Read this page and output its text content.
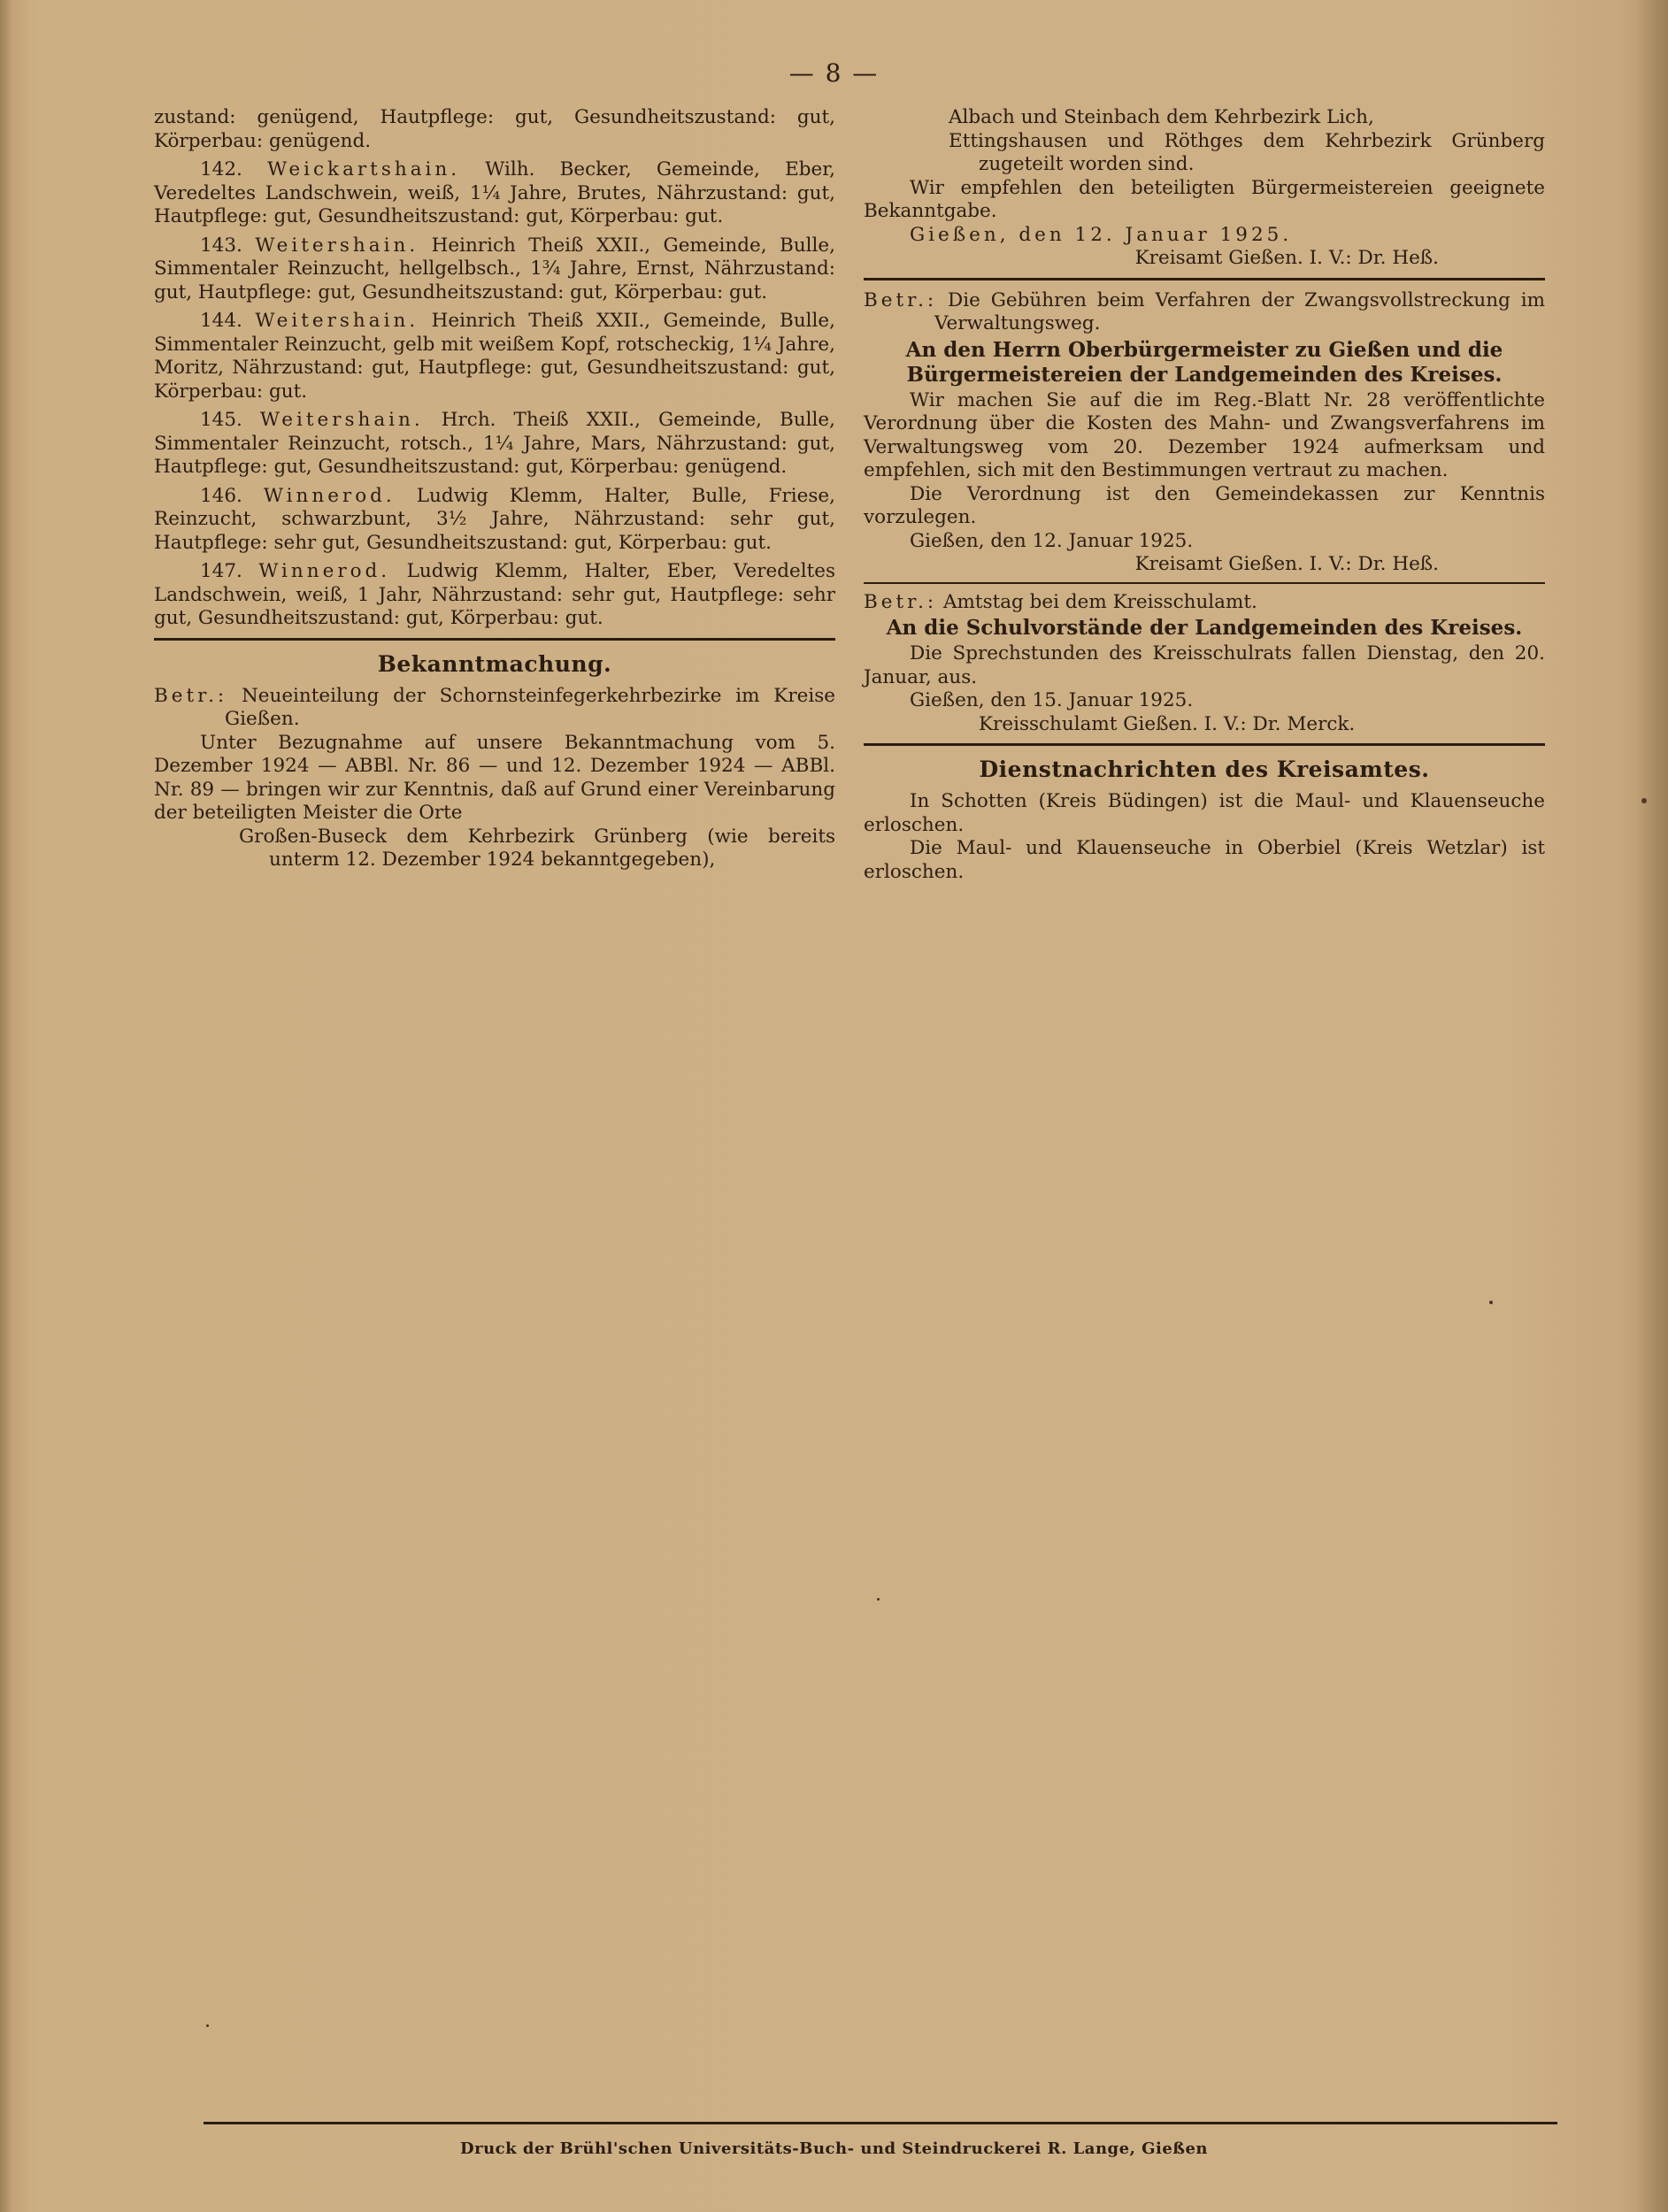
— 8 —

zustand: genügend, Hautpflege: gut, Gesundheitszustand: gut, Körperbau: genügend.

142. Weickartshain. Wilh. Becker, Gemeinde, Eber, Veredeltes Landschwein, weiß, 1¼ Jahre, Brutes, Nährzustand: gut, Hautpflege: gut, Gesundheitszustand: gut, Körperbau: gut.

143. Weitershain. Heinrich Theiß XXII., Gemeinde, Bulle, Simmentaler Reinzucht, hellgelbsch., 1¾ Jahre, Ernst, Nährzustand: gut, Hautpflege: gut, Gesundheitszustand: gut, Körperbau: gut.

144. Weitershain. Heinrich Theiß XXII., Gemeinde, Bulle, Simmentaler Reinzucht, gelb mit weißem Kopf, rotscheckig, 1¼ Jahre, Moritz, Nährzustand: gut, Hautpflege: gut, Gesundheitszustand: gut, Körperbau: gut.

145. Weitershain. Hrch. Theiß XXII., Gemeinde, Bulle, Simmentaler Reinzucht, rotsch., 1¼ Jahre, Mars, Nährzustand: gut, Hautpflege: gut, Gesundheitszustand: gut, Körperbau: genügend.

146. Winnerod. Ludwig Klemm, Halter, Bulle, Friese, Reinzucht, schwarzbunt, 3½ Jahre, Nährzustand: sehr gut, Hautpflege: sehr gut, Gesundheitszustand: gut, Körperbau: gut.

147. Winnerod. Ludwig Klemm, Halter, Eber, Veredeltes Landschwein, weiß, 1 Jahr, Nährzustand: sehr gut, Hautpflege: sehr gut, Gesundheitszustand: gut, Körperbau: gut.

Bekanntmachung.

Betr.: Neueinteilung der Schornsteinfegerkehrbezirke im Kreise Gießen.

Unter Bezugnahme auf unsere Bekanntmachung vom 5. Dezember 1924 — ABBl. Nr. 86 — und 12. Dezember 1924 — ABBl. Nr. 89 — bringen wir zur Kenntnis, daß auf Grund einer Vereinbarung der beteiligten Meister die Orte

Großen-Buseck dem Kehrbezirk Grünberg (wie bereits unterm 12. Dezember 1924 bekanntgegeben),

Albach und Steinbach dem Kehrbezirk Lich,

Ettingshausen und Röthges dem Kehrbezirk Grünberg zugeteilt worden sind.

Wir empfehlen den beteiligten Bürgermeistereien geeignete Bekanntgabe.

Gießen, den 12. Januar 1925.

Kreisamt Gießen. I. V.: Dr. Heß.

Betr.: Die Gebühren beim Verfahren der Zwangsvollstreckung im Verwaltungsweg.

An den Herrn Oberbürgermeister zu Gießen und die Bürgermeistereien der Landgemeinden des Kreises.

Wir machen Sie auf die im Reg.-Blatt Nr. 28 veröffentlichte Verordnung über die Kosten des Mahn- und Zwangsverfahrens im Verwaltungsweg vom 20. Dezember 1924 aufmerksam und empfehlen, sich mit den Bestimmungen vertraut zu machen.

Die Verordnung ist den Gemeindekassen zur Kenntnis vorzulegen.

Gießen, den 12. Januar 1925.

Kreisamt Gießen. I. V.: Dr. Heß.

Betr.: Amtstag bei dem Kreisschulamt.

An die Schulvorstände der Landgemeinden des Kreises.

Die Sprechstunden des Kreisschulrats fallen Dienstag, den 20. Januar, aus.

Gießen, den 15. Januar 1925.

Kreisschulamt Gießen. I. V.: Dr. Merck.

Dienstnachrichten des Kreisamtes.

In Schotten (Kreis Büdingen) ist die Maul- und Klauenseuche erloschen.

Die Maul- und Klauenseuche in Oberbiel (Kreis Wetzlar) ist erloschen.

Druck der Brühl'schen Universitäts-Buch- und Steindruckerei R. Lange, Gießen
